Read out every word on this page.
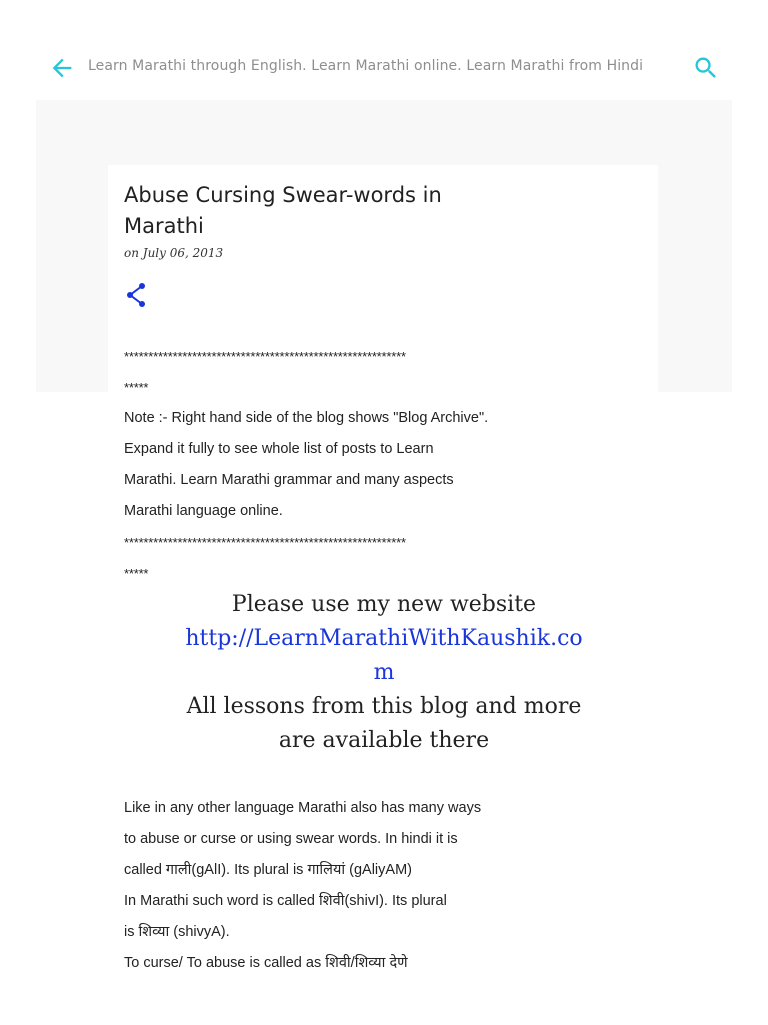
Learn Marathi through English. Learn Marathi online. Learn Marathi from Hindi
Abuse Cursing Swear-words in Marathi
on July 06, 2013

**********************************************************

*****

Note :- Right hand side of the blog shows "Blog Archive".

Expand it fully to see whole list of posts to Learn

Marathi. Learn Marathi grammar and many aspects

Marathi language online.

**********************************************************

*****

Please use my new website
http://LearnMarathiWithKaushik.com
All lessons from this blog and more are available there

Like in any other language Marathi also has many ways

to abuse or curse or using swear words. In hindi it is

called गाली(gAlI). Its plural is गालियां (gAliyAM)

In Marathi such word is called शिवी(shivI). Its plural

is शिव्या (shivyA).

To curse/ To abuse is called as शिवी/शिव्या देणे
